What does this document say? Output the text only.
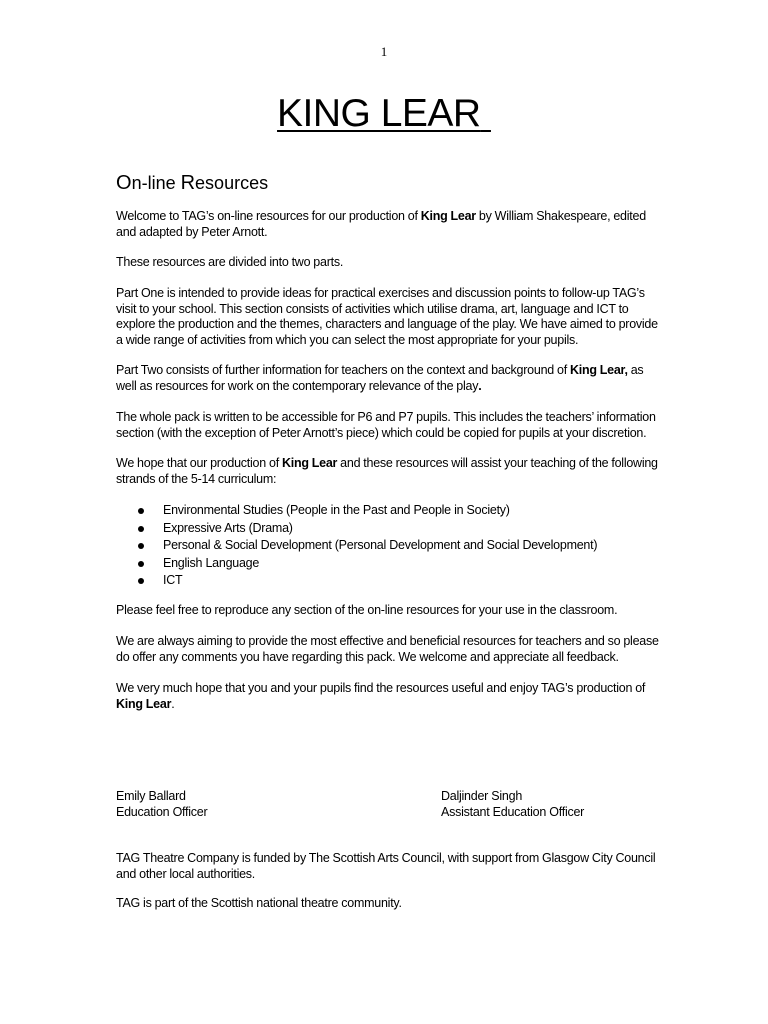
1
KING LEAR
On-line Resources

Welcome to TAG’s on-line resources for our production of King Lear by William Shakespeare, edited and adapted by Peter Arnott.

These resources are divided into two parts.

Part One is intended to provide ideas for practical exercises and discussion points to follow-up TAG’s visit to your school. This section consists of activities which utilise drama, art, language and ICT to explore the production and the themes, characters and language of the play. We have aimed to provide a wide range of activities from which you can select the most appropriate for your pupils.

Part Two consists of further information for teachers on the context and background of King Lear, as well as resources for work on the contemporary relevance of the play.

The whole pack is written to be accessible for P6 and P7 pupils. This includes the teachers’ information section (with the exception of Peter Arnott’s piece) which could be copied for pupils at your discretion.

We hope that our production of King Lear and these resources will assist your teaching of the following strands of the 5-14 curriculum:

Environmental Studies (People in the Past and People in Society)
Expressive Arts (Drama)
Personal & Social Development (Personal Development and Social Development)
English Language
ICT

Please feel free to reproduce any section of the on-line resources for your use in the classroom.

We are always aiming to provide the most effective and beneficial resources for teachers and so please do offer any comments you have regarding this pack. We welcome and appreciate all feedback.

We very much hope that you and your pupils find the resources useful and enjoy TAG’s production of King Lear.

Emily Ballard
Education Officer
Daljinder Singh
Assistant Education Officer

TAG Theatre Company is funded by The Scottish Arts Council, with support from Glasgow City Council and other local authorities.

TAG is part of the Scottish national theatre community.
